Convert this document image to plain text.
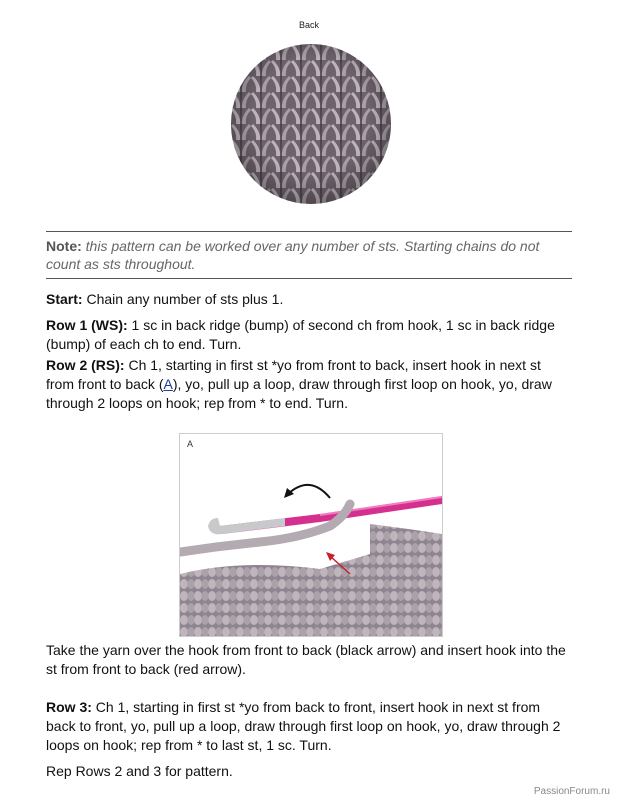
Back
Note: this pattern can be worked over any number of sts. Starting chains do not count as sts throughout.
Start: Chain any number of sts plus 1.
Row 1 (WS): 1 sc in back ridge (bump) of second ch from hook, 1 sc in back ridge (bump) of each ch to end. Turn.
Row 2 (RS): Ch 1, starting in first st *yo from front to back, insert hook in next st from front to back (A), yo, pull up a loop, draw through first loop on hook, yo, draw through 2 loops on hook; rep from * to end. Turn.
A
Take the yarn over the hook from front to back (black arrow) and insert hook into the st from front to back (red arrow).
Row 3: Ch 1, starting in first st *yo from back to front, insert hook in next st from back to front, yo, pull up a loop, draw through first loop on hook, yo, draw through 2 loops on hook; rep from * to last st, 1 sc. Turn.
Rep Rows 2 and 3 for pattern.
PassionForum.ru
